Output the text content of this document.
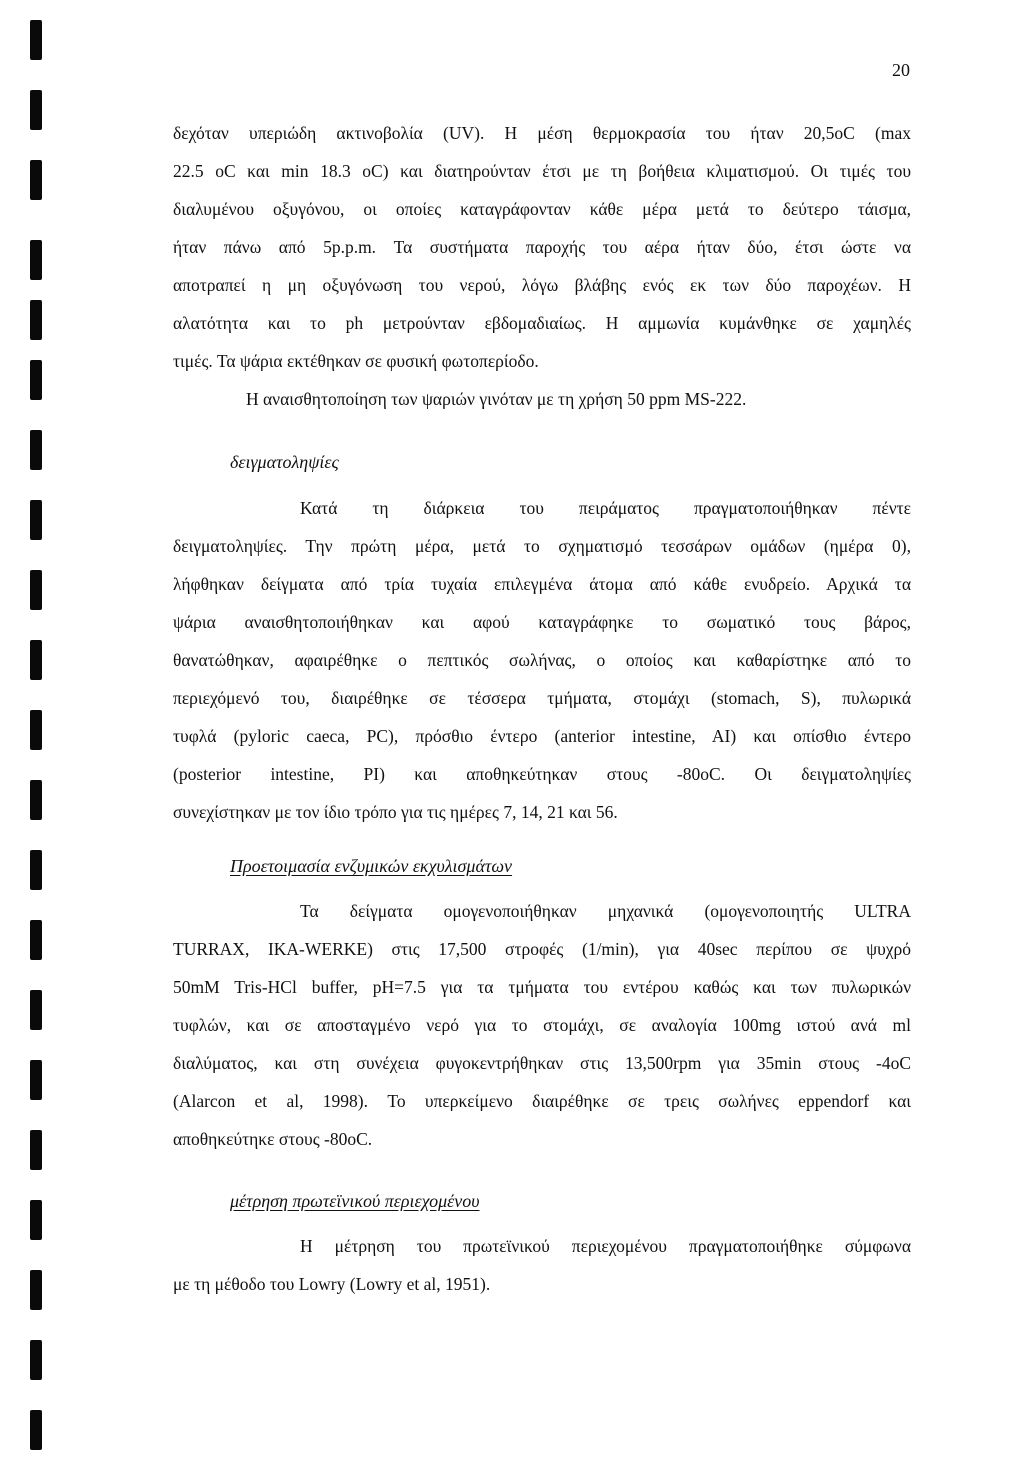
20
δεχόταν υπεριώδη ακτινοβολία (UV). Η μέση θερμοκρασία του ήταν 20,5οC (max
22.5 οC και min 18.3 οC) και διατηρούνταν έτσι με τη βοήθεια κλιματισμού. Οι τιμές του
διαλυμένου οξυγόνου, οι οποίες καταγράφονταν κάθε μέρα μετά το δεύτερο τάισμα,
ήταν πάνω από 5p.p.m. Τα συστήματα παροχής του αέρα ήταν δύο, έτσι ώστε να
αποτραπεί η μη οξυγόνωση του νερού, λόγω βλάβης ενός εκ των δύο παροχέων. Η
αλατότητα και το ph μετρούνταν εβδομαδιαίως. Η αμμωνία κυμάνθηκε σε χαμηλές
τιμές. Τα ψάρια εκτέθηκαν σε φυσική φωτοπερίοδο.
Η αναισθητοποίηση των ψαριών γινόταν με τη χρήση 50 ppm MS-222.
δειγματοληψίες
Κατά τη διάρκεια του πειράματος πραγματοποιήθηκαν πέντε
δειγματοληψίες. Την πρώτη μέρα, μετά το σχηματισμό τεσσάρων ομάδων (ημέρα 0),
λήφθηκαν δείγματα από τρία τυχαία επιλεγμένα άτομα από κάθε ενυδρείο. Αρχικά τα
ψάρια αναισθητοποιήθηκαν και αφού καταγράφηκε το σωματικό τους βάρος,
θανατώθηκαν, αφαιρέθηκε ο πεπτικός σωλήνας, ο οποίος και καθαρίστηκε από το
περιεχόμενό του, διαιρέθηκε σε τέσσερα τμήματα, στομάχι (stomach, S), πυλωρικά
τυφλά (pyloric caeca, PC), πρόσθιο έντερο (anterior intestine, AI) και οπίσθιο έντερο
(posterior intestine, PI) και αποθηκεύτηκαν στους -80οC. Οι δειγματοληψίες
συνεχίστηκαν με τον ίδιο τρόπο για τις ημέρες 7, 14, 21 και 56.
Προετοιμασία ενζυμικών εκχυλισμάτων
Τα δείγματα ομογενοποιήθηκαν μηχανικά (ομογενοποιητής ULTRA
TURRAX, IKA-WERKE) στις 17,500 στροφές (1/min), για 40sec περίπου σε ψυχρό
50mM Tris-HCl buffer, pH=7.5 για τα τμήματα του εντέρου καθώς και των πυλωρικών
τυφλών, και σε αποσταγμένο νερό για το στομάχι, σε αναλογία 100mg ιστού ανά ml
διαλύματος, και στη συνέχεια φυγοκεντρήθηκαν στις 13,500rpm για 35min στους -4οC
(Alarcon et al, 1998). Το υπερκείμενο διαιρέθηκε σε τρεις σωλήνες eppendorf και
αποθηκεύτηκε στους -80οC.
μέτρηση πρωτεϊνικού περιεχομένου
Η μέτρηση του πρωτεϊνικού περιεχομένου πραγματοποιήθηκε σύμφωνα
με τη μέθοδο του Lowry (Lowry et al, 1951).
